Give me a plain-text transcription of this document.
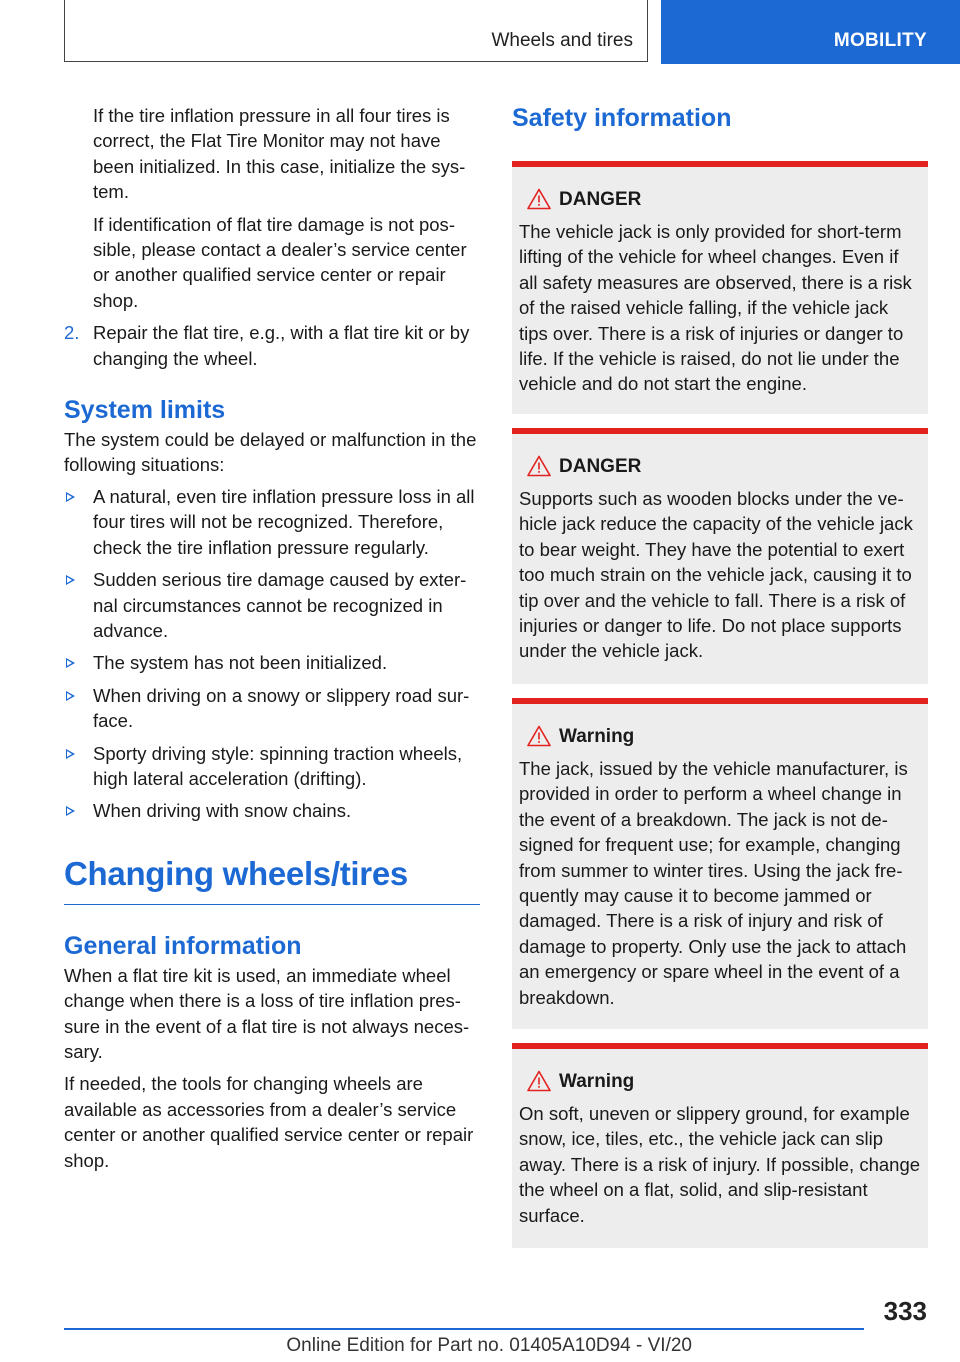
Wheels and tires	MOBILITY

If the tire inflation pressure in all four tires is correct, the Flat Tire Monitor may not have been initialized. In this case, initialize the system.

If identification of flat tire damage is not possible, please contact a dealer’s service center or another qualified service center or repair shop.

2. Repair the flat tire, e.g., with a flat tire kit or by changing the wheel.
System limits

The system could be delayed or malfunction in the following situations:

A natural, even tire inflation pressure loss in all four tires will not be recognized. Therefore, check the tire inflation pressure regularly.
Sudden serious tire damage caused by external circumstances cannot be recognized in advance.
The system has not been initialized.
When driving on a snowy or slippery road surface.
Sporty driving style: spinning traction wheels, high lateral acceleration (drifting).
When driving with snow chains.
Changing wheels/tires
General information

When a flat tire kit is used, an immediate wheel change when there is a loss of tire inflation pressure in the event of a flat tire is not always necessary.

If needed, the tools for changing wheels are available as accessories from a dealer’s service center or another qualified service center or repair shop.

Safety information
DANGER

The vehicle jack is only provided for short-term lifting of the vehicle for wheel changes. Even if all safety measures are observed, there is a risk of the raised vehicle falling, if the vehicle jack tips over. There is a risk of injuries or danger to life. If the vehicle is raised, do not lie under the vehicle and do not start the engine.

DANGER

Supports such as wooden blocks under the vehicle jack reduce the capacity of the vehicle jack to bear weight. They have the potential to exert too much strain on the vehicle jack, causing it to tip over and the vehicle to fall. There is a risk of injuries or danger to life. Do not place supports under the vehicle jack.

Warning

The jack, issued by the vehicle manufacturer, is provided in order to perform a wheel change in the event of a breakdown. The jack is not designed for frequent use; for example, changing from summer to winter tires. Using the jack frequently may cause it to become jammed or damaged. There is a risk of injury and risk of damage to property. Only use the jack to attach an emergency or spare wheel in the event of a breakdown.

Warning

On soft, uneven or slippery ground, for example snow, ice, tiles, etc., the vehicle jack can slip away. There is a risk of injury. If possible, change the wheel on a flat, solid, and slip-resistant surface.

333
Online Edition for Part no. 01405A10D94 - VI/20
